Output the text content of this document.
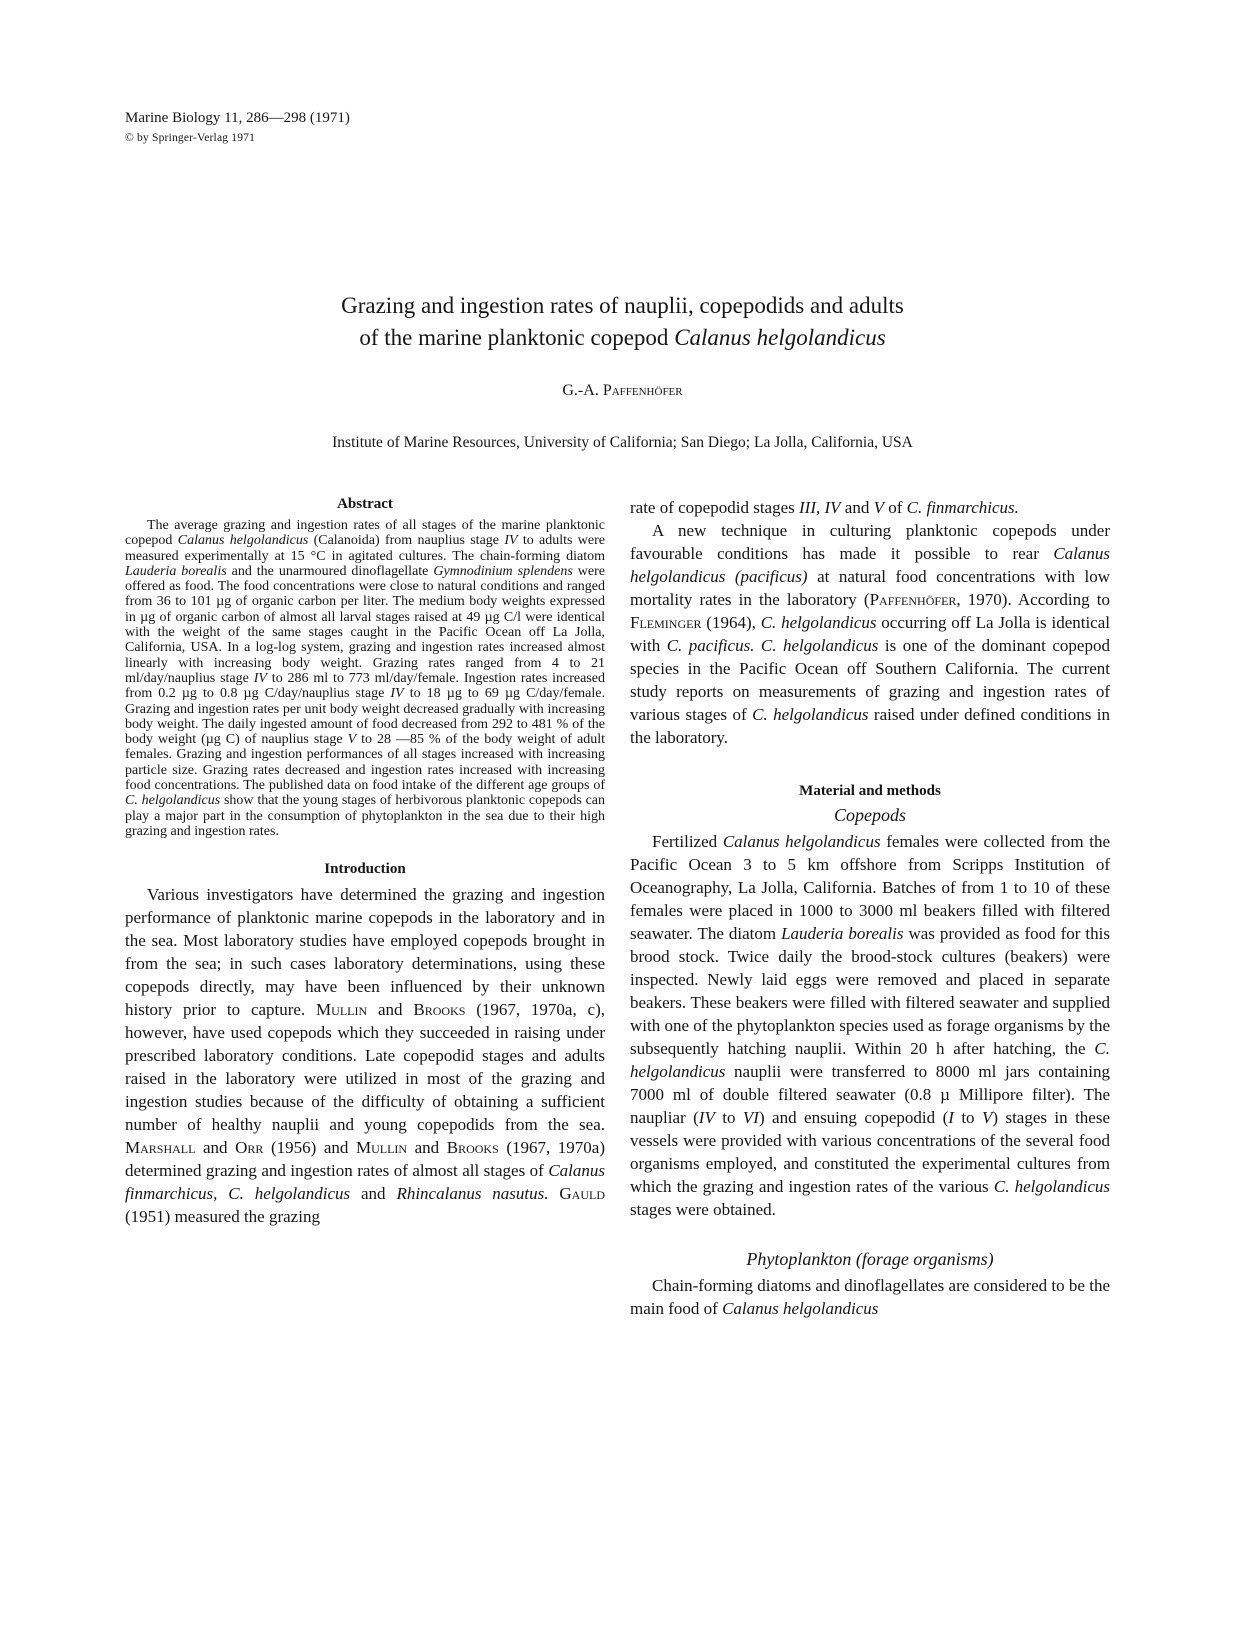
Marine Biology 11, 286—298 (1971)
© by Springer-Verlag 1971
Grazing and ingestion rates of nauplii, copepodids and adults
of the marine planktonic copepod Calanus helgolandicus
G.-A. Paffenhöfer
Institute of Marine Resources, University of California; San Diego; La Jolla, California, USA
Abstract

The average grazing and ingestion rates of all stages of the marine planktonic copepod Calanus helgolandicus (Calanoida) from nauplius stage IV to adults were measured experimentally at 15 °C in agitated cultures. The chain-forming diatom Lauderia borealis and the unarmoured dinoflagellate Gymnodinium splendens were offered as food. The food concentrations were close to natural conditions and ranged from 36 to 101 µg of organic carbon per liter. The medium body weights expressed in µg of organic carbon of almost all larval stages raised at 49 µg C/l were identical with the weight of the same stages caught in the Pacific Ocean off La Jolla, California, USA. In a log-log system, grazing and ingestion rates increased almost linearly with increasing body weight. Grazing rates ranged from 4 to 21 ml/day/nauplius stage IV to 286 ml to 773 ml/day/female. Ingestion rates increased from 0.2 µg to 0.8 µg C/day/nauplius stage IV to 18 µg to 69 µg C/day/female. Grazing and ingestion rates per unit body weight decreased gradually with increasing body weight. The daily ingested amount of food decreased from 292 to 481 % of the body weight (µg C) of nauplius stage V to 28 —85 % of the body weight of adult females. Grazing and ingestion performances of all stages increased with increasing particle size. Grazing rates decreased and ingestion rates increased with increasing food concentrations. The published data on food intake of the different age groups of C. helgolandicus show that the young stages of herbivorous planktonic copepods can play a major part in the consumption of phytoplankton in the sea due to their high grazing and ingestion rates.

Introduction

Various investigators have determined the grazing and ingestion performance of planktonic marine copepods in the laboratory and in the sea. Most laboratory studies have employed copepods brought in from the sea; in such cases laboratory determinations, using these copepods directly, may have been influenced by their unknown history prior to capture. Mullin and Brooks (1967, 1970a, c), however, have used copepods which they succeeded in raising under prescribed laboratory conditions. Late copepodid stages and adults raised in the laboratory were utilized in most of the grazing and ingestion studies because of the difficulty of obtaining a sufficient number of healthy nauplii and young copepodids from the sea. Marshall and Orr (1956) and Mullin and Brooks (1967, 1970a) determined grazing and ingestion rates of almost all stages of Calanus finmarchicus, C. helgolandicus and Rhincalanus nasutus. Gauld (1951) measured the grazing

rate of copepodid stages III, IV and V of C. finmarchicus.

A new technique in culturing planktonic copepods under favourable conditions has made it possible to rear Calanus helgolandicus (pacificus) at natural food concentrations with low mortality rates in the laboratory (Paffenhöfer, 1970). According to Fleminger (1964), C. helgolandicus occurring off La Jolla is identical with C. pacificus. C. helgolandicus is one of the dominant copepod species in the Pacific Ocean off Southern California. The current study reports on measurements of grazing and ingestion rates of various stages of C. helgolandicus raised under defined conditions in the laboratory.

Material and methods
Copepods

Fertilized Calanus helgolandicus females were collected from the Pacific Ocean 3 to 5 km offshore from Scripps Institution of Oceanography, La Jolla, California. Batches of from 1 to 10 of these females were placed in 1000 to 3000 ml beakers filled with filtered seawater. The diatom Lauderia borealis was provided as food for this brood stock. Twice daily the brood-stock cultures (beakers) were inspected. Newly laid eggs were removed and placed in separate beakers. These beakers were filled with filtered seawater and supplied with one of the phytoplankton species used as forage organisms by the subsequently hatching nauplii. Within 20 h after hatching, the C. helgolandicus nauplii were transferred to 8000 ml jars containing 7000 ml of double filtered seawater (0.8 µ Millipore filter). The naupliar (IV to VI) and ensuing copepodid (I to V) stages in these vessels were provided with various concentrations of the several food organisms employed, and constituted the experimental cultures from which the grazing and ingestion rates of the various C. helgolandicus stages were obtained.

Phytoplankton (forage organisms)

Chain-forming diatoms and dinoflagellates are considered to be the main food of Calanus helgolandicus
